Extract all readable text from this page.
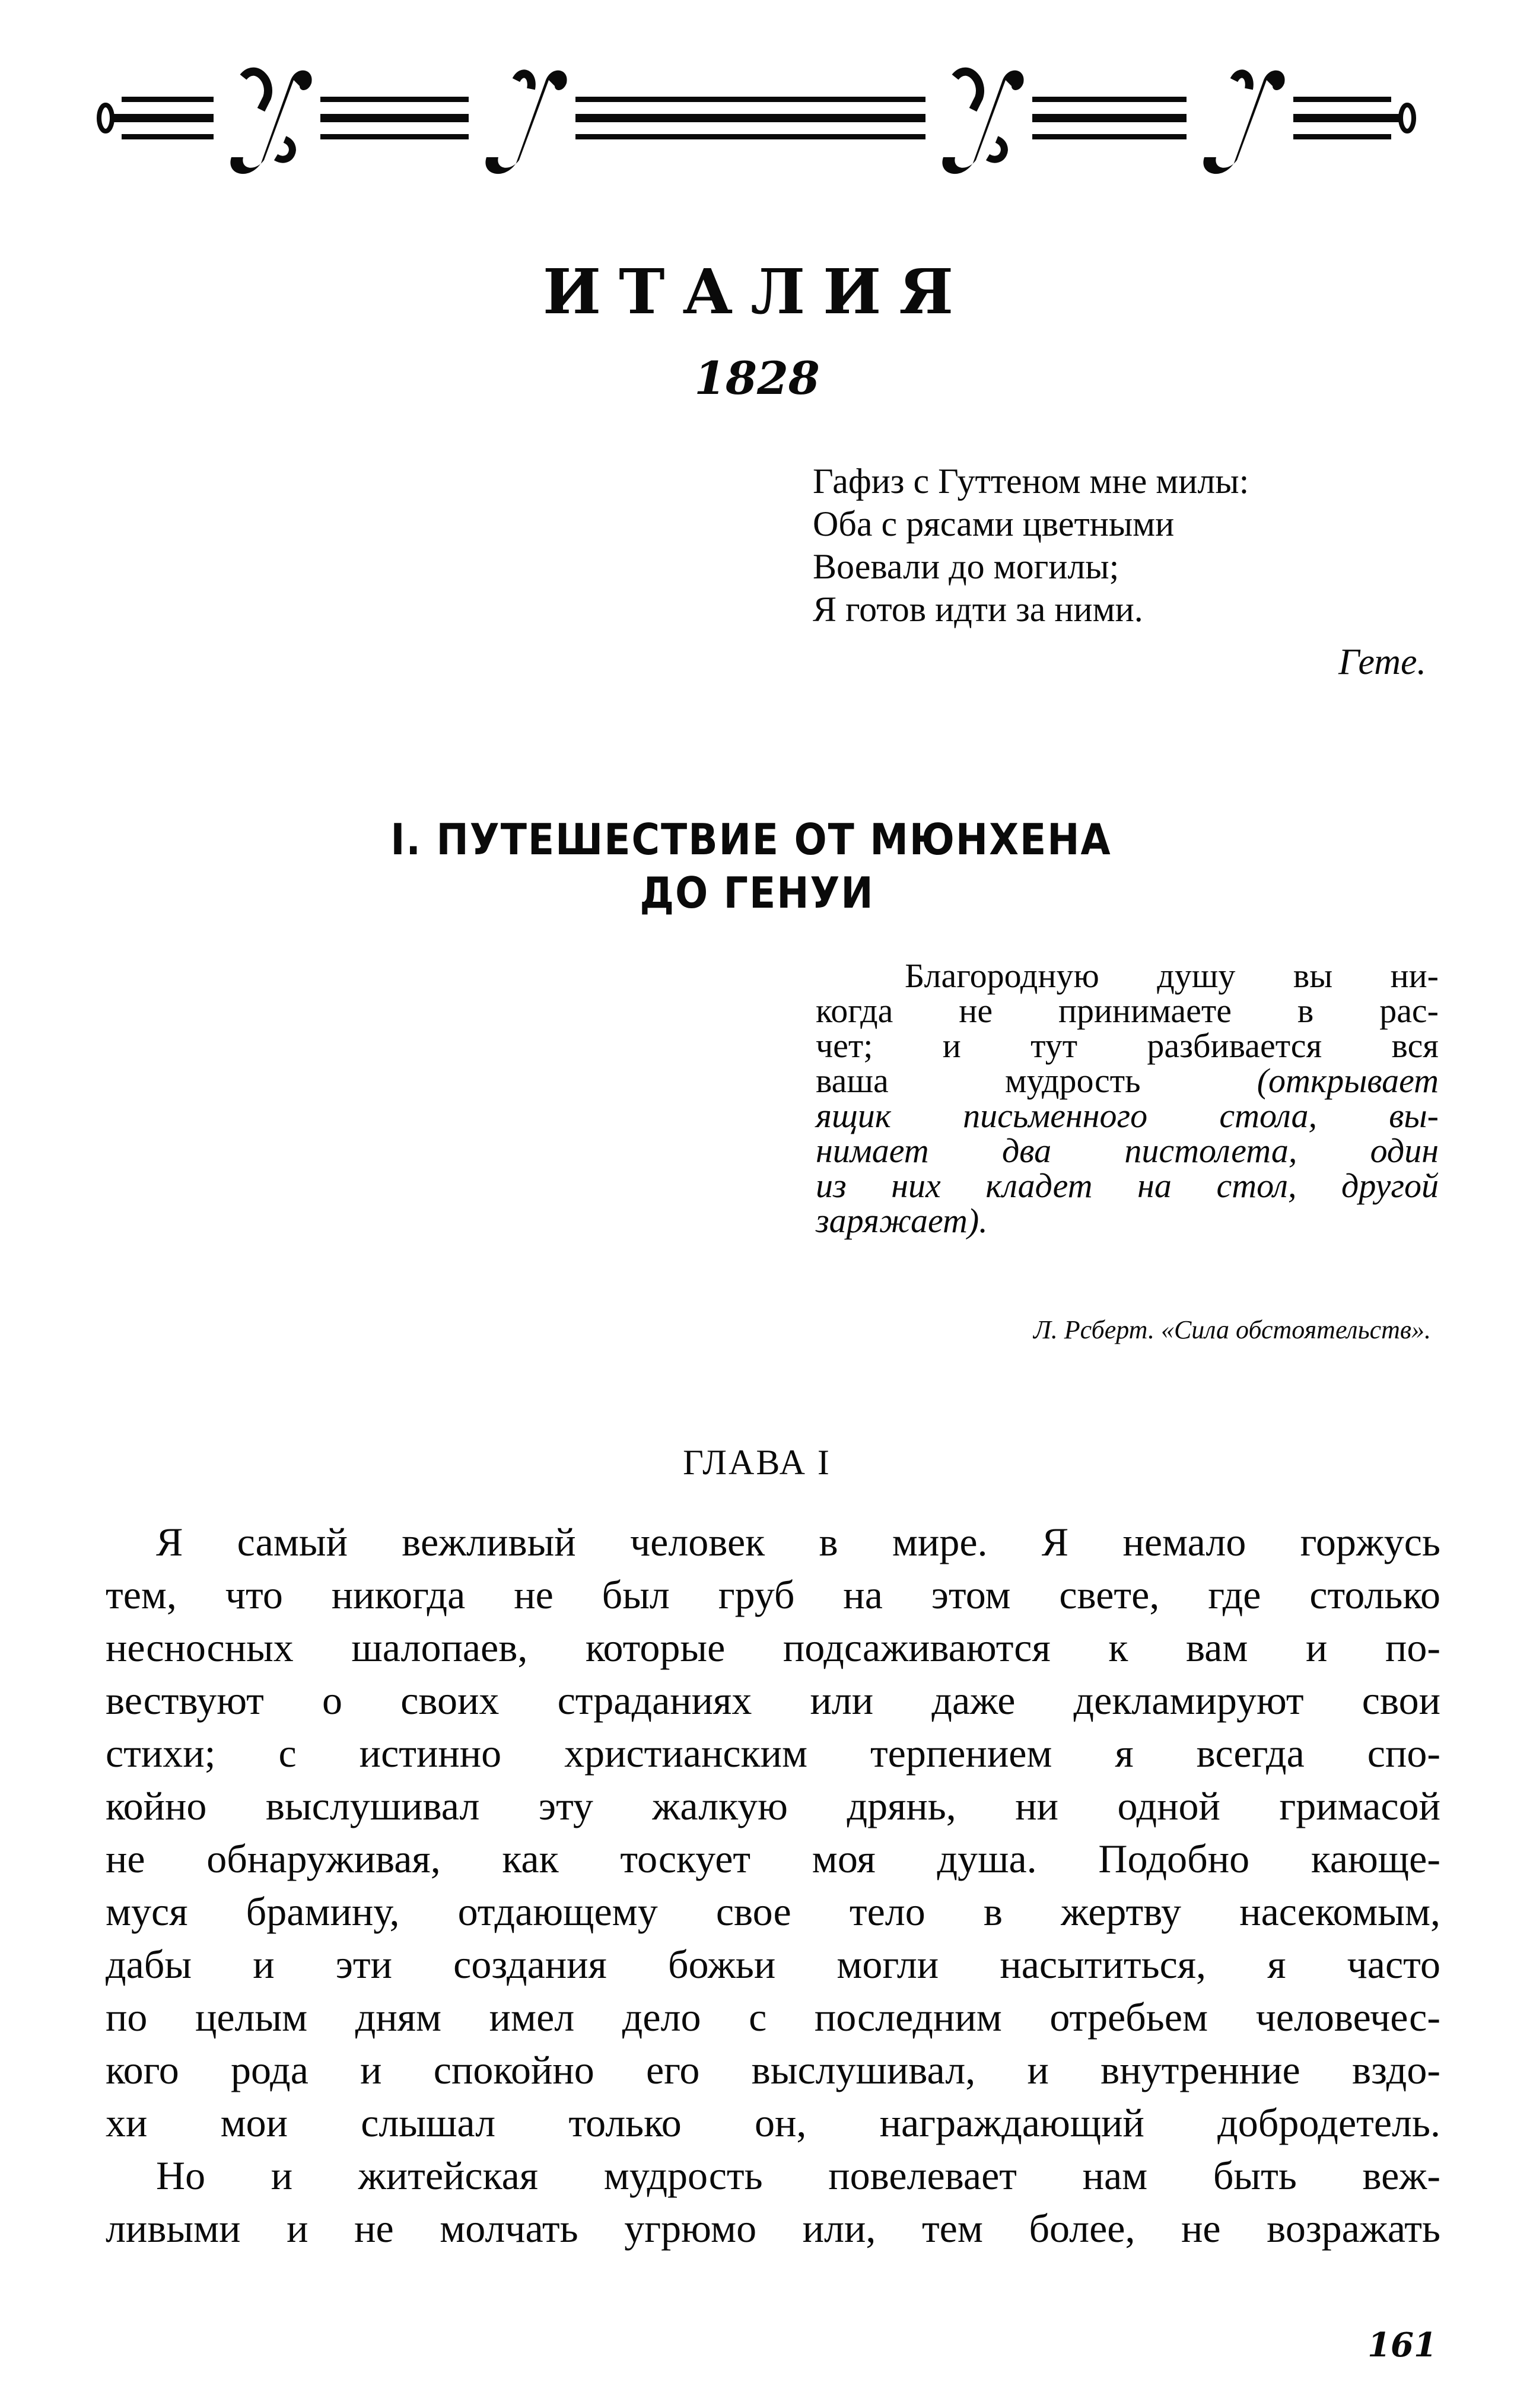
ИТАЛИЯ
1828
Гафиз с Гуттеном мне милы:
Оба с рясами цветными
Воевали до могилы;
Я готов идти за ними.
Гете.
I. ПУТЕШЕСТВИЕ ОТ МЮНХЕНА
ДО ГЕНУИ
Благородную душу вы ни-
когда не принимаете в рас-
чет; и тут разбивается вся
ваша мудрость (открывает
ящик письменного стола, вы-
нимает два пистолета, один
из них кладет на стол, другой
заряжает).
Л. Рсберт. «Сила обстоятельств».
ГЛАВА I
Я самый вежливый человек в мире. Я немало горжусь
тем, что никогда не был груб на этом свете, где столько
несносных шалопаев, которые подсаживаются к вам и по-
вествуют о своих страданиях или даже декламируют свои
стихи; с истинно христианским терпением я всегда спо-
койно выслушивал эту жалкую дрянь, ни одной гримасой
не обнаруживая, как тоскует моя душа. Подобно кающе-
муся брамину, отдающему свое тело в жертву насекомым,
дабы и эти создания божьи могли насытиться, я часто
по целым дням имел дело с последним отребьем человечес-
кого рода и спокойно его выслушивал, и внутренние вздо-
хи мои слышал только он, награждающий добродетель.
Но и житейская мудрость повелевает нам быть веж-
ливыми и не молчать угрюмо или, тем более, не возражать
161
